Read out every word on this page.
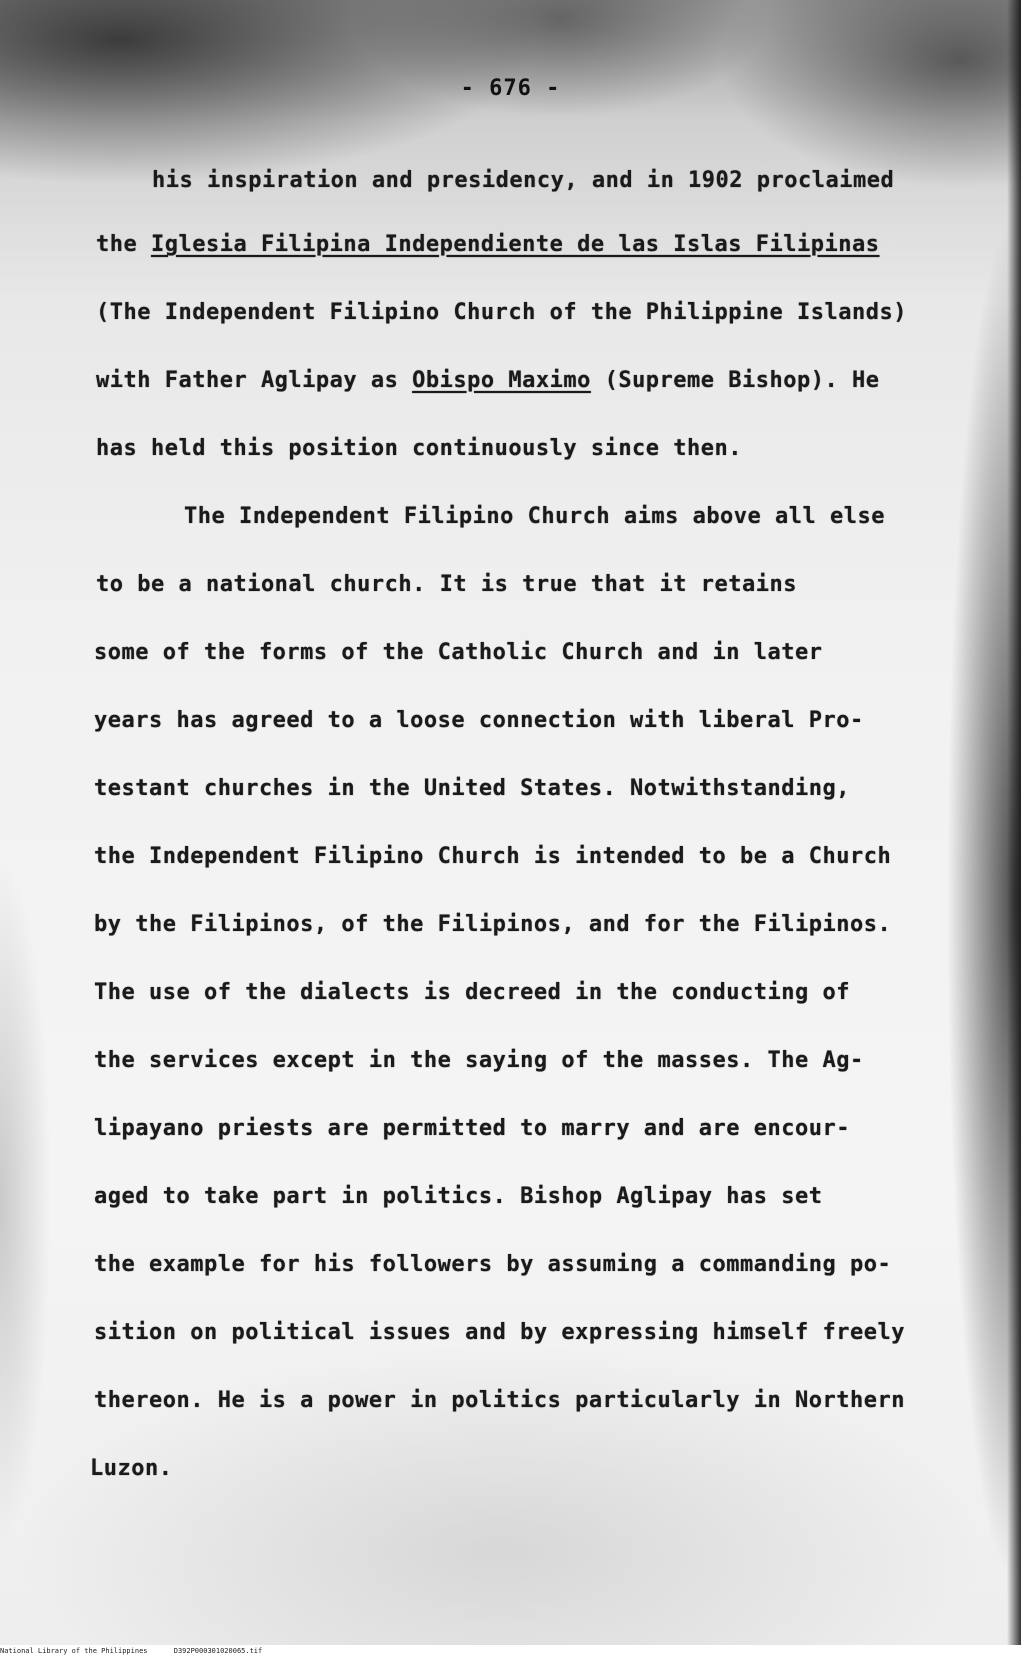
- 676 -
his inspiration and presidency, and in 1902 proclaimed
the Iglesia Filipina Independiente de las Islas Filipinas
(The Independent Filipino Church of the Philippine Islands)
with Father Aglipay as Obispo Maximo (Supreme Bishop). He
has held this position continuously since then.
The Independent Filipino Church aims above all else
to be a national church. It is true that it retains
some of the forms of the Catholic Church and in later
years has agreed to a loose connection with liberal Pro-
testant churches in the United States. Notwithstanding,
the Independent Filipino Church is intended to be a Church
by the Filipinos, of the Filipinos, and for the Filipinos.
The use of the dialects is decreed in the conducting of
the services except in the saying of the masses. The Ag-
lipayano priests are permitted to marry and are encour-
aged to take part in politics. Bishop Aglipay has set
the example for his followers by assuming a commanding po-
sition on political issues and by expressing himself freely
thereon. He is a power in politics particularly in Northern
Luzon.
National Library of the Philippines	D392P000301020065.tif
